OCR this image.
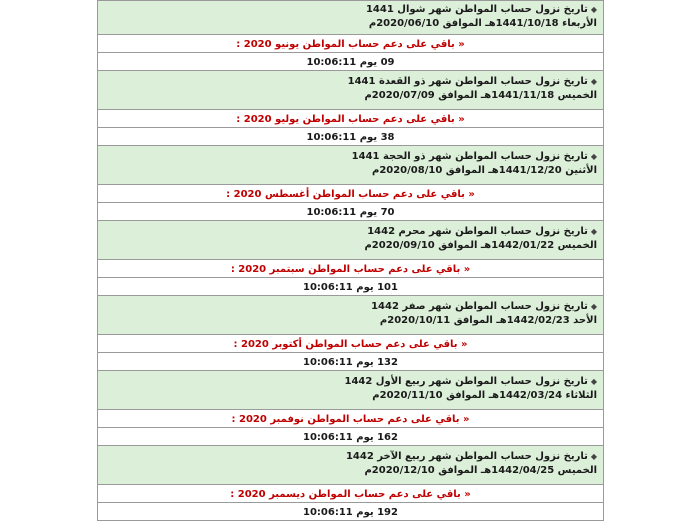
◆تاريخ نزول حساب المواطن شهر شوال 1441
الأربعاء 1441/10/18هـ الموافق 2020/06/10م
« باقي على دعم حساب المواطن يونيو 2020 :
09 يوم 10:06:11
◆تاريخ نزول حساب المواطن شهر ذو القعدة 1441
الخميس 1441/11/18هـ الموافق 2020/07/09م
« باقي على دعم حساب المواطن يوليو 2020 :
38 يوم 10:06:11
◆تاريخ نزول حساب المواطن شهر ذو الحجة 1441
الأثنين 1441/12/20هـ الموافق 2020/08/10م
« باقي على دعم حساب المواطن أغسطس 2020 :
70 يوم 10:06:11
◆تاريخ نزول حساب المواطن شهر محرم 1442
الخميس 1442/01/22هـ الموافق 2020/09/10م
« باقي على دعم حساب المواطن سبتمبر 2020 :
101 يوم 10:06:11
◆تاريخ نزول حساب المواطن شهر صفر 1442
الأحد 1442/02/23هـ الموافق 2020/10/11م
« باقي على دعم حساب المواطن أكتوبر 2020 :
132 يوم 10:06:11
◆تاريخ نزول حساب المواطن شهر ربيع الأول 1442
الثلاثاء 1442/03/24هـ الموافق 2020/11/10م
« باقي على دعم حساب المواطن نوفمبر 2020 :
162 يوم 10:06:11
◆تاريخ نزول حساب المواطن شهر ربيع الآخر 1442
الخميس 1442/04/25هـ الموافق 2020/12/10م
« باقي على دعم حساب المواطن ديسمبر 2020 :
192 يوم 10:06:11
